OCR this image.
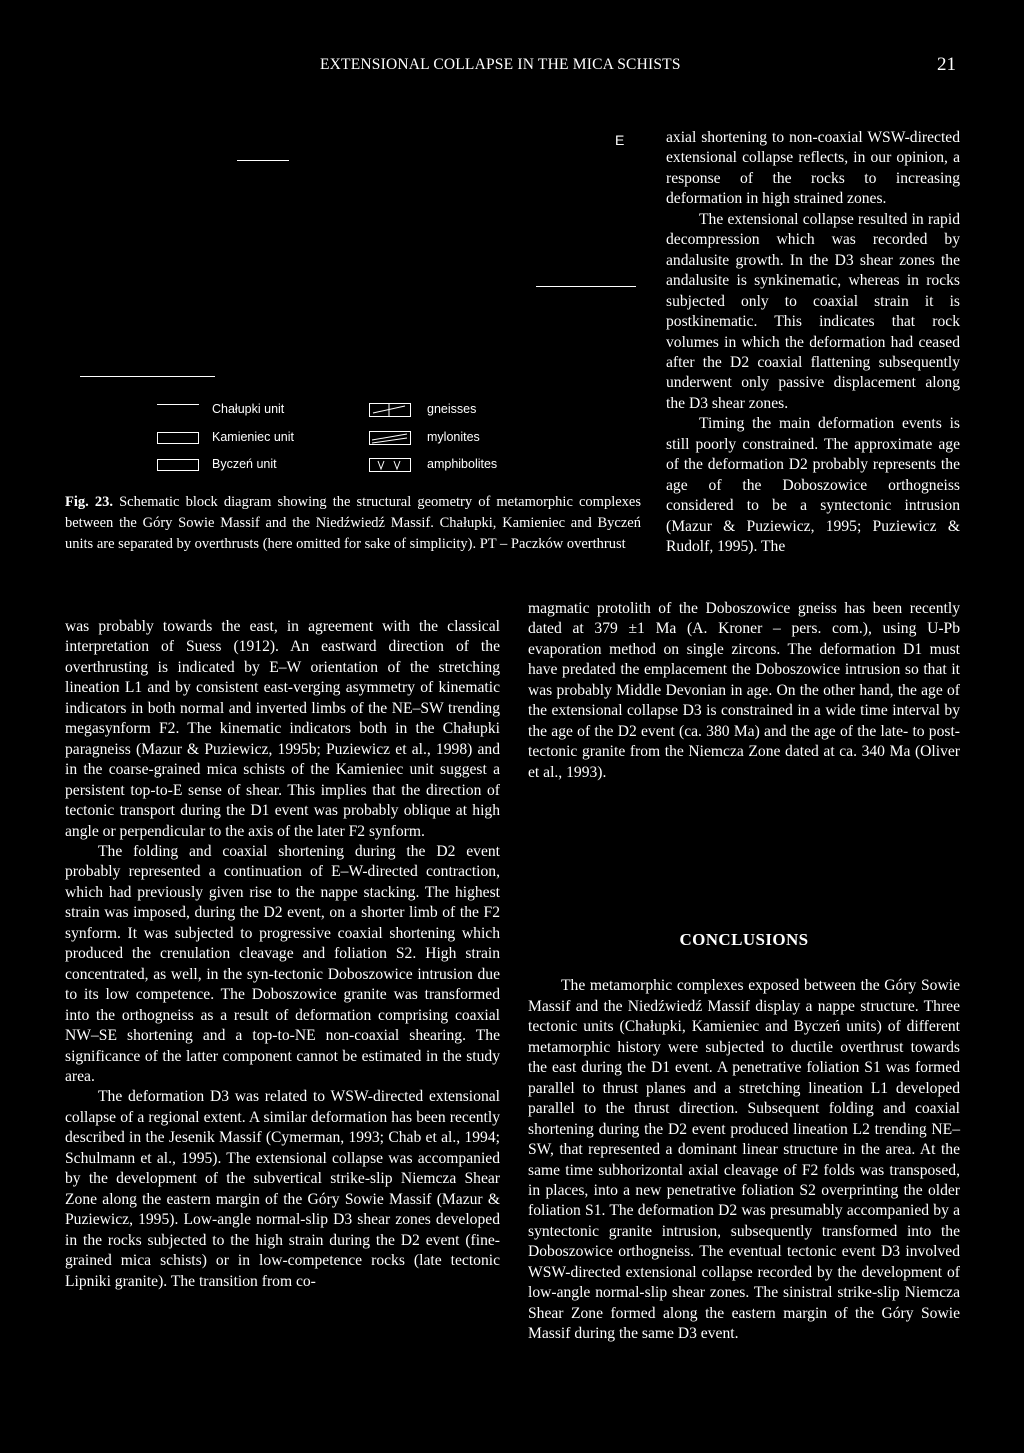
EXTENSIONAL COLLAPSE IN THE MICA SCHISTS	21
E
Chałupki unit
Kamieniec unit
Byczeń unit
gneisses
mylonites
amphibolites
Fig. 23. Schematic block diagram showing the structural geometry of metamorphic complexes between the Góry Sowie Massif and the Niedźwiedź Massif. Chałupki, Kamieniec and Byczeń units are separated by overthrusts (here omitted for sake of simplicity). PT – Paczków overthrust

axial shortening to non-coaxial WSW-directed extensional collapse reflects, in our opinion, a response of the rocks to increasing deformation in high strained zones.

The extensional collapse resulted in rapid decompression which was recorded by andalusite growth. In the D3 shear zones the andalusite is synkinematic, whereas in rocks subjected only to coaxial strain it is postkinematic. This indicates that rock volumes in which the deformation had ceased after the D2 coaxial flattening subsequently underwent only passive displacement along the D3 shear zones.

Timing the main deformation events is still poorly constrained. The approximate age of the deformation D2 probably represents the age of the Doboszowice orthogneiss considered to be a syntectonic intrusion (Mazur & Puziewicz, 1995; Puziewicz & Rudolf, 1995). The

was probably towards the east, in agreement with the classical interpretation of Suess (1912). An eastward direction of the overthrusting is indicated by E–W orientation of the stretching lineation L1 and by consistent east-verging asymmetry of kinematic indicators in both normal and inverted limbs of the NE–SW trending megasynform F2. The kinematic indicators both in the Chałupki paragneiss (Mazur & Puziewicz, 1995b; Puziewicz et al., 1998) and in the coarse-grained mica schists of the Kamieniec unit suggest a persistent top-to-E sense of shear. This implies that the direction of tectonic transport during the D1 event was probably oblique at high angle or perpendicular to the axis of the later F2 synform.

The folding and coaxial shortening during the D2 event probably represented a continuation of E–W-directed contraction, which had previously given rise to the nappe stacking. The highest strain was imposed, during the D2 event, on a shorter limb of the F2 synform. It was subjected to progressive coaxial shortening which produced the crenulation cleavage and foliation S2. High strain concentrated, as well, in the syn-tectonic Doboszowice intrusion due to its low competence. The Doboszowice granite was transformed into the orthogneiss as a result of deformation comprising coaxial NW–SE shortening and a top-to-NE non-coaxial shearing. The significance of the latter component cannot be estimated in the study area.

The deformation D3 was related to WSW-directed extensional collapse of a regional extent. A similar deformation has been recently described in the Jesenik Massif (Cymerman, 1993; Chab et al., 1994; Schulmann et al., 1995). The extensional collapse was accompanied by the development of the subvertical strike-slip Niemcza Shear Zone along the eastern margin of the Góry Sowie Massif (Mazur & Puziewicz, 1995). Low-angle normal-slip D3 shear zones developed in the rocks subjected to the high strain during the D2 event (fine-grained mica schists) or in low-competence rocks (late tectonic Lipniki granite). The transition from co-

magmatic protolith of the Doboszowice gneiss has been recently dated at 379 ±1 Ma (A. Kroner – pers. com.), using U-Pb evaporation method on single zircons. The deformation D1 must have predated the emplacement the Doboszowice intrusion so that it was probably Middle Devonian in age. On the other hand, the age of the extensional collapse D3 is constrained in a wide time interval by the age of the D2 event (ca. 380 Ma) and the age of the late- to post-tectonic granite from the Niemcza Zone dated at ca. 340 Ma (Oliver et al., 1993).

CONCLUSIONS

The metamorphic complexes exposed between the Góry Sowie Massif and the Niedźwiedź Massif display a nappe structure. Three tectonic units (Chałupki, Kamieniec and Byczeń units) of different metamorphic history were subjected to ductile overthrust towards the east during the D1 event. A penetrative foliation S1 was formed parallel to thrust planes and a stretching lineation L1 developed parallel to the thrust direction. Subsequent folding and coaxial shortening during the D2 event produced lineation L2 trending NE–SW, that represented a dominant linear structure in the area. At the same time subhorizontal axial cleavage of F2 folds was transposed, in places, into a new penetrative foliation S2 overprinting the older foliation S1. The deformation D2 was presumably accompanied by a syntectonic granite intrusion, subsequently transformed into the Doboszowice orthogneiss. The eventual tectonic event D3 involved WSW-directed extensional collapse recorded by the development of low-angle normal-slip shear zones. The sinistral strike-slip Niemcza Shear Zone formed along the eastern margin of the Góry Sowie Massif during the same D3 event.
